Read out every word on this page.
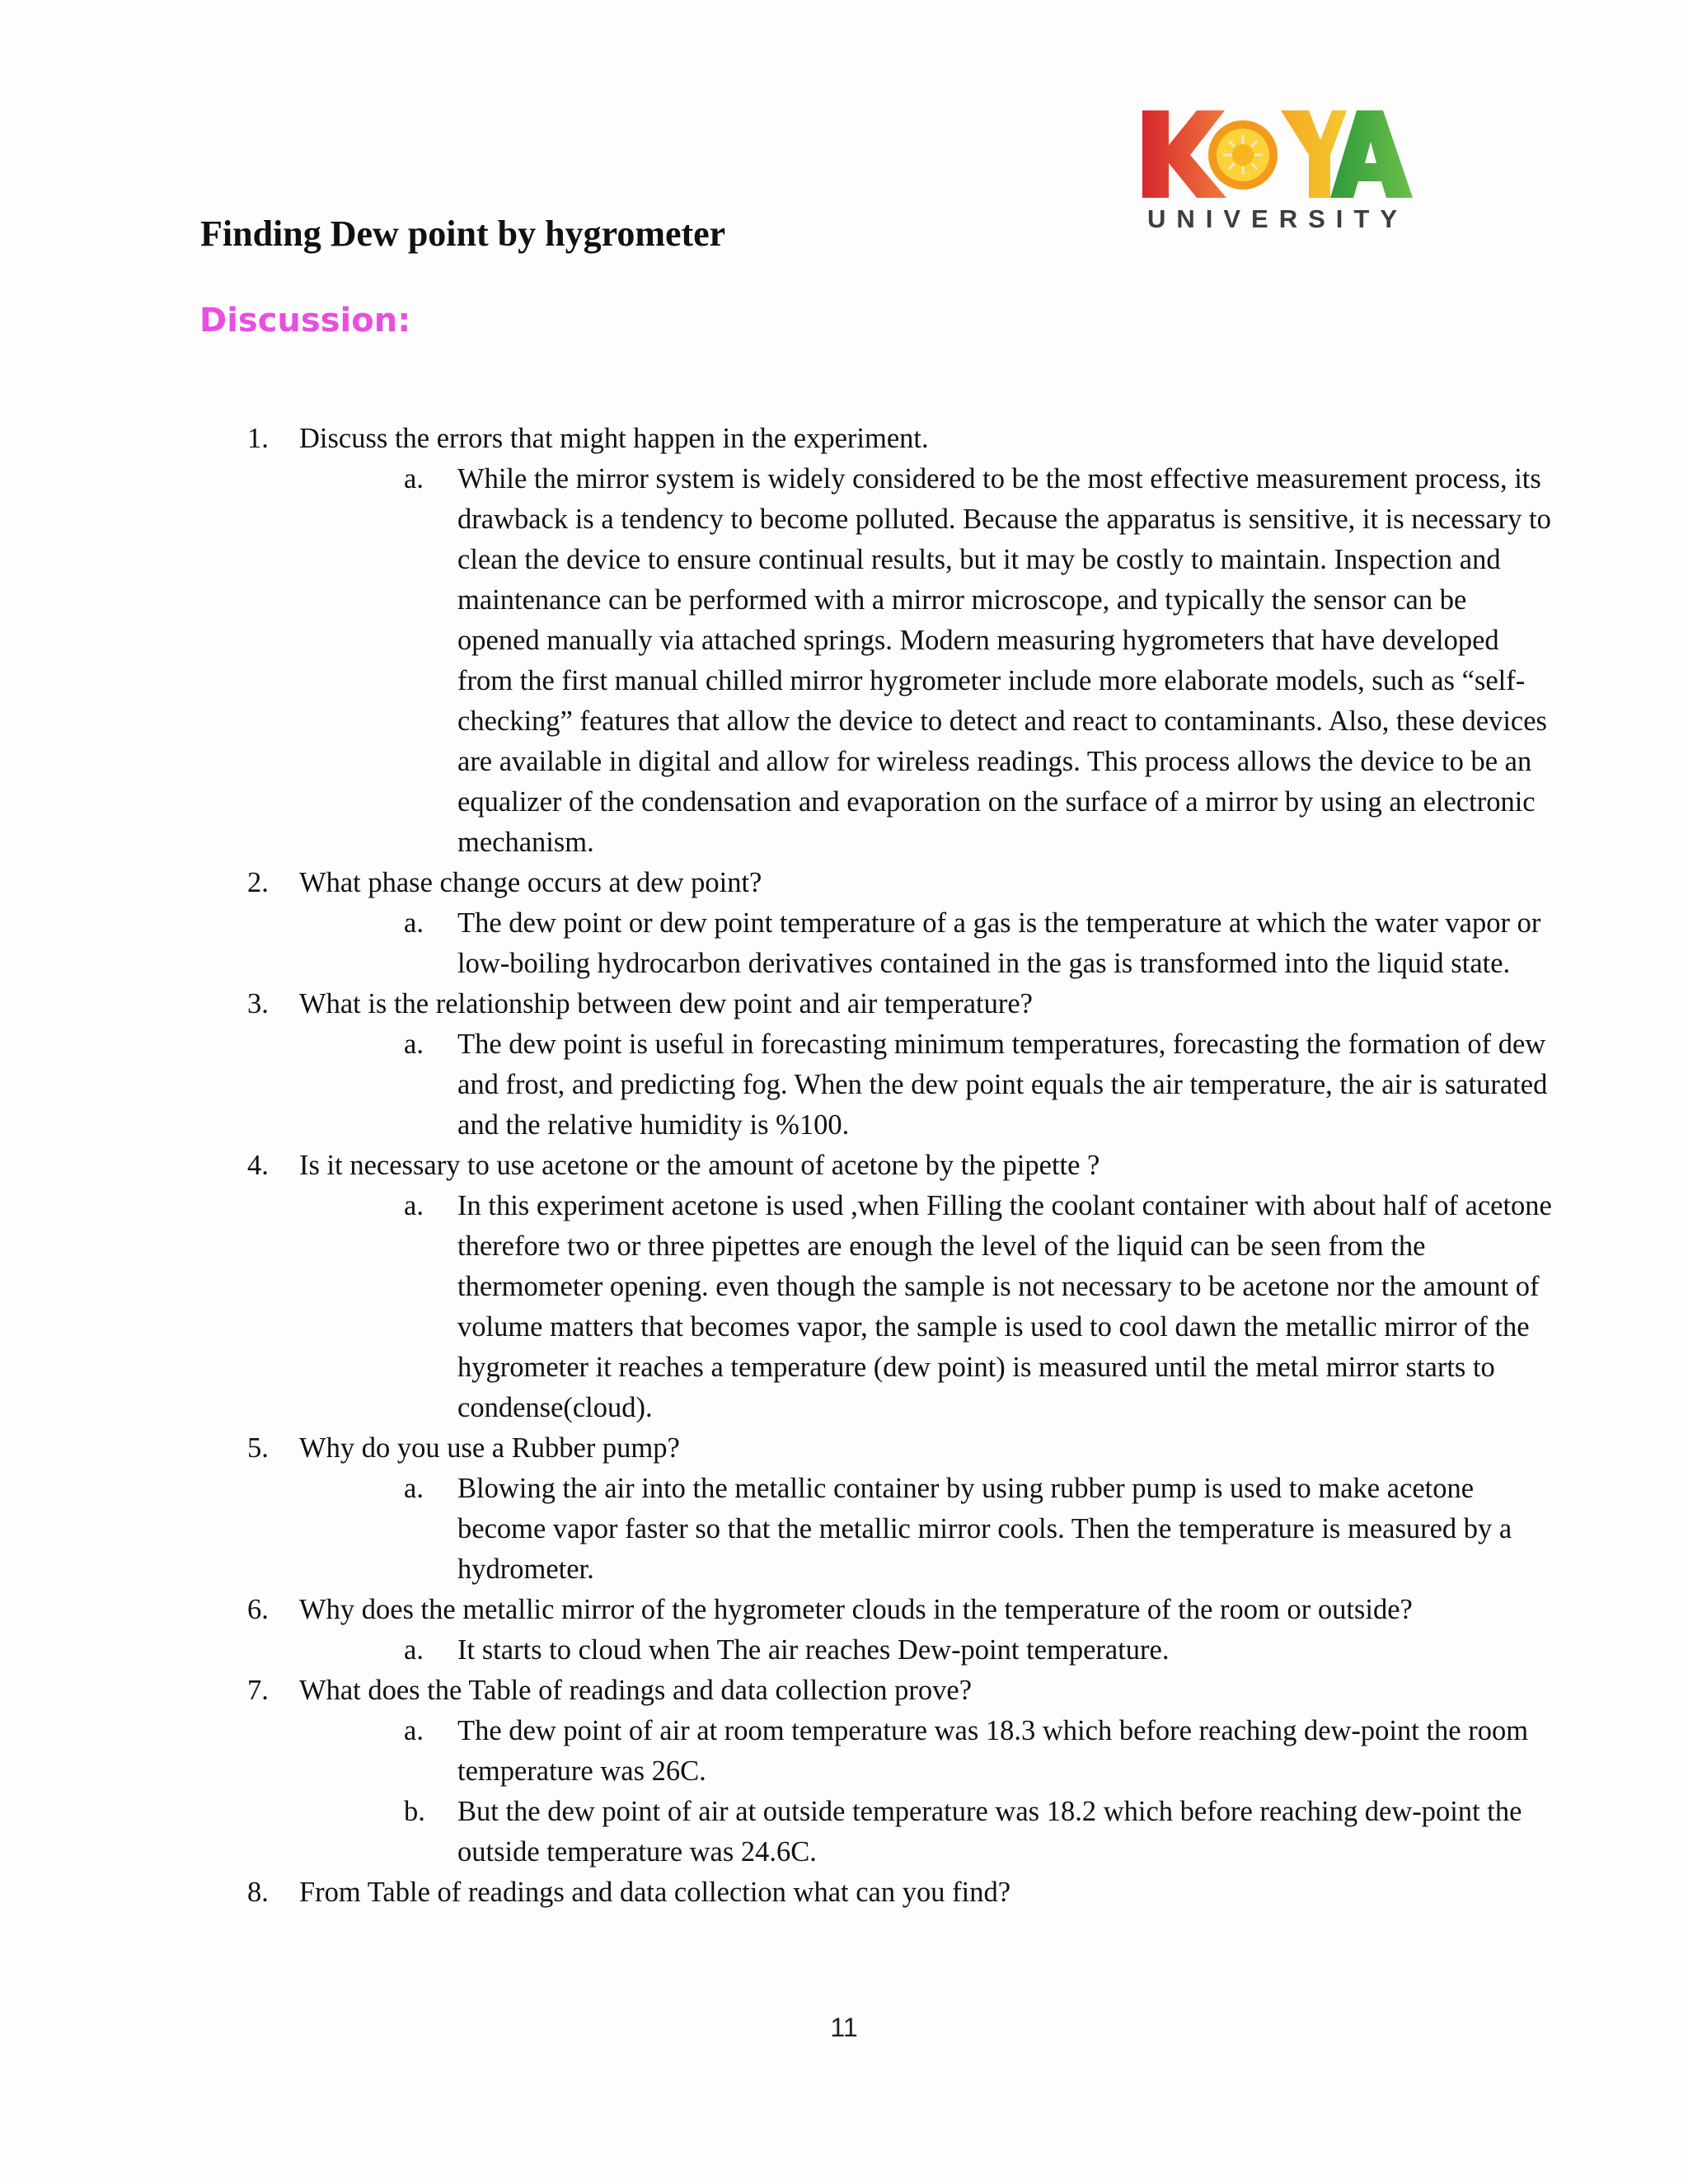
UNIVERSITY
Finding Dew point by hygrometer
Discussion:
1. Discuss the errors that might happen in the experiment.
a. While the mirror system is widely considered to be the most effective measurement process, its drawback is a tendency to become polluted. Because the apparatus is sensitive, it is necessary to clean the device to ensure continual results, but it may be costly to maintain. Inspection and maintenance can be performed with a mirror microscope, and typically the sensor can be opened manually via attached springs. Modern measuring hygrometers that have developed from the first manual chilled mirror hygrometer include more elaborate models, such as “self-checking” features that allow the device to detect and react to contaminants. Also, these devices are available in digital and allow for wireless readings. This process allows the device to be an equalizer of the condensation and evaporation on the surface of a mirror by using an electronic mechanism.
2. What phase change occurs at dew point?
a. The dew point or dew point temperature of a gas is the temperature at which the water vapor or low-boiling hydrocarbon derivatives contained in the gas is transformed into the liquid state.
3. What is the relationship between dew point and air temperature?
a. The dew point is useful in forecasting minimum temperatures, forecasting the formation of dew and frost, and predicting fog. When the dew point equals the air temperature, the air is saturated and the relative humidity is %100.
4. Is it necessary to use acetone or the amount of acetone by the pipette ?
a. In this experiment acetone is used ,when Filling the coolant container with about half of acetone therefore two or three pipettes are enough the level of the liquid can be seen from the thermometer opening. even though the sample is not necessary to be acetone nor the amount of volume matters that becomes vapor, the sample is used to cool dawn the metallic mirror of the hygrometer it reaches a temperature (dew point) is measured until the metal mirror starts to condense(cloud).
5. Why do you use a Rubber pump?
a. Blowing the air into the metallic container by using rubber pump is used to make acetone become vapor faster so that the metallic mirror cools. Then the temperature is measured by a hydrometer.
6. Why does the metallic mirror of the hygrometer clouds in the temperature of the room or outside?
a. It starts to cloud when The air reaches Dew-point temperature.
7. What does the Table of readings and data collection prove?
a. The dew point of air at room temperature was 18.3 which before reaching dew-point the room temperature was 26C.
b. But the dew point of air at outside temperature was 18.2 which before reaching dew-point the outside temperature was 24.6C.
8. From Table of readings and data collection what can you find?
11
